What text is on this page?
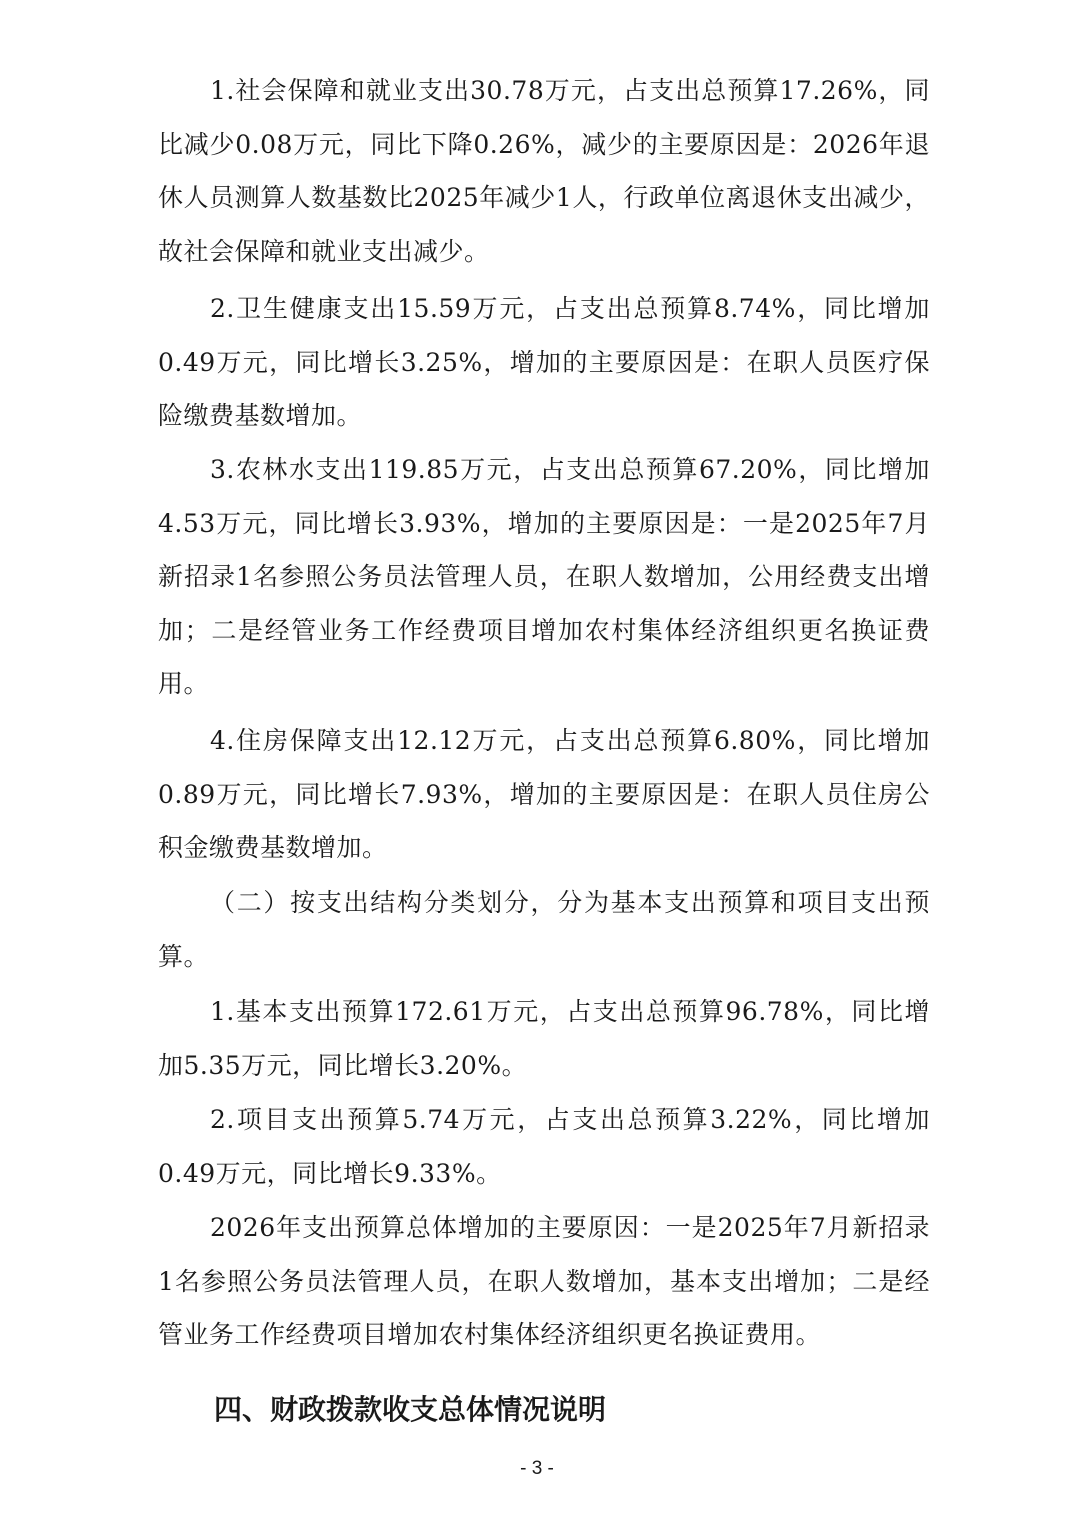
1.社会保障和就业支出30.78万元，占支出总预算17.26%，同比减少0.08万元，同比下降0.26%，减少的主要原因是：2026年退休人员测算人数基数比2025年减少1人，行政单位离退休支出减少，故社会保障和就业支出减少。

2.卫生健康支出15.59万元，占支出总预算8.74%，同比增加0.49万元，同比增长3.25%，增加的主要原因是：在职人员医疗保险缴费基数增加。

3.农林水支出119.85万元，占支出总预算67.20%，同比增加4.53万元，同比增长3.93%，增加的主要原因是：一是2025年7月新招录1名参照公务员法管理人员，在职人数增加，公用经费支出增加；二是经管业务工作经费项目增加农村集体经济组织更名换证费用。

4.住房保障支出12.12万元，占支出总预算6.80%，同比增加0.89万元，同比增长7.93%，增加的主要原因是：在职人员住房公积金缴费基数增加。

（二）按支出结构分类划分，分为基本支出预算和项目支出预算。

1.基本支出预算172.61万元，占支出总预算96.78%，同比增加5.35万元，同比增长3.20%。

2.项目支出预算5.74万元，占支出总预算3.22%，同比增加0.49万元，同比增长9.33%。

2026年支出预算总体增加的主要原因：一是2025年7月新招录1名参照公务员法管理人员，在职人数增加，基本支出增加；二是经管业务工作经费项目增加农村集体经济组织更名换证费用。

四、财政拨款收支总体情况说明
- 3 -
